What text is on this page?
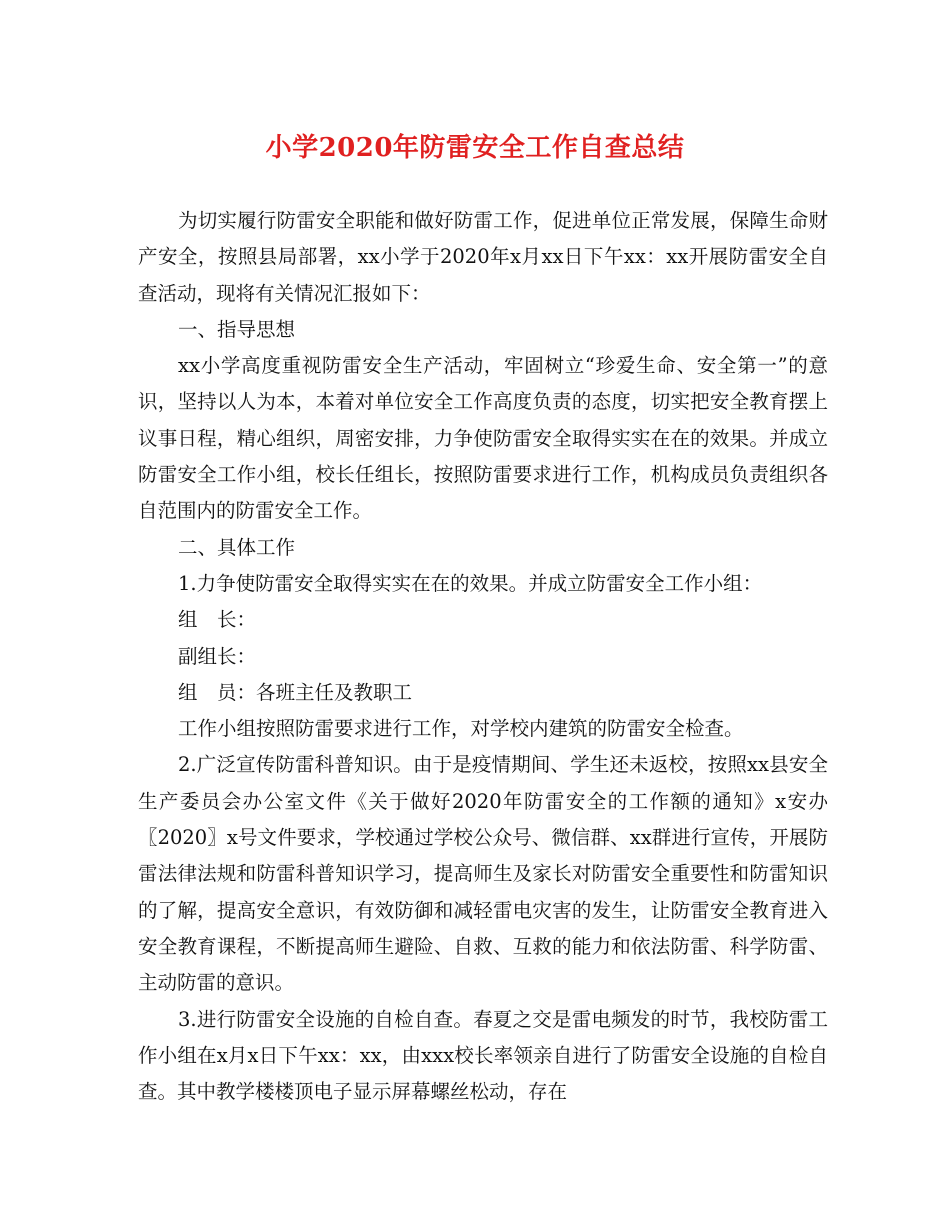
小学2020年防雷安全工作自查总结

为切实履行防雷安全职能和做好防雷工作，促进单位正常发展，保障生命财产安全，按照县局部署，xx小学于2020年x月xx日下午xx：xx开展防雷安全自查活动，现将有关情况汇报如下：

一、指导思想

xx小学高度重视防雷安全生产活动，牢固树立“珍爱生命、安全第一”的意识，坚持以人为本，本着对单位安全工作高度负责的态度，切实把安全教育摆上议事日程，精心组织，周密安排，力争使防雷安全取得实实在在的效果。并成立防雷安全工作小组，校长任组长，按照防雷要求进行工作，机构成员负责组织各自范围内的防雷安全工作。

二、具体工作

1.力争使防雷安全取得实实在在的效果。并成立防雷安全工作小组：

组　长：

副组长：

组　员：各班主任及教职工

工作小组按照防雷要求进行工作，对学校内建筑的防雷安全检查。

2.广泛宣传防雷科普知识。由于是疫情期间、学生还未返校，按照xx县安全生产委员会办公室文件《关于做好2020年防雷安全的工作额的通知》x安办〖2020〗x号文件要求，学校通过学校公众号、微信群、xx群进行宣传，开展防雷法律法规和防雷科普知识学习，提高师生及家长对防雷安全重要性和防雷知识的了解，提高安全意识，有效防御和减轻雷电灾害的发生，让防雷安全教育进入安全教育课程，不断提高师生避险、自救、互救的能力和依法防雷、科学防雷、主动防雷的意识。

3.进行防雷安全设施的自检自查。春夏之交是雷电频发的时节，我校防雷工作小组在x月x日下午xx：xx，由xxx校长率领亲自进行了防雷安全设施的自检自查。其中教学楼楼顶电子显示屏幕螺丝松动，存在
